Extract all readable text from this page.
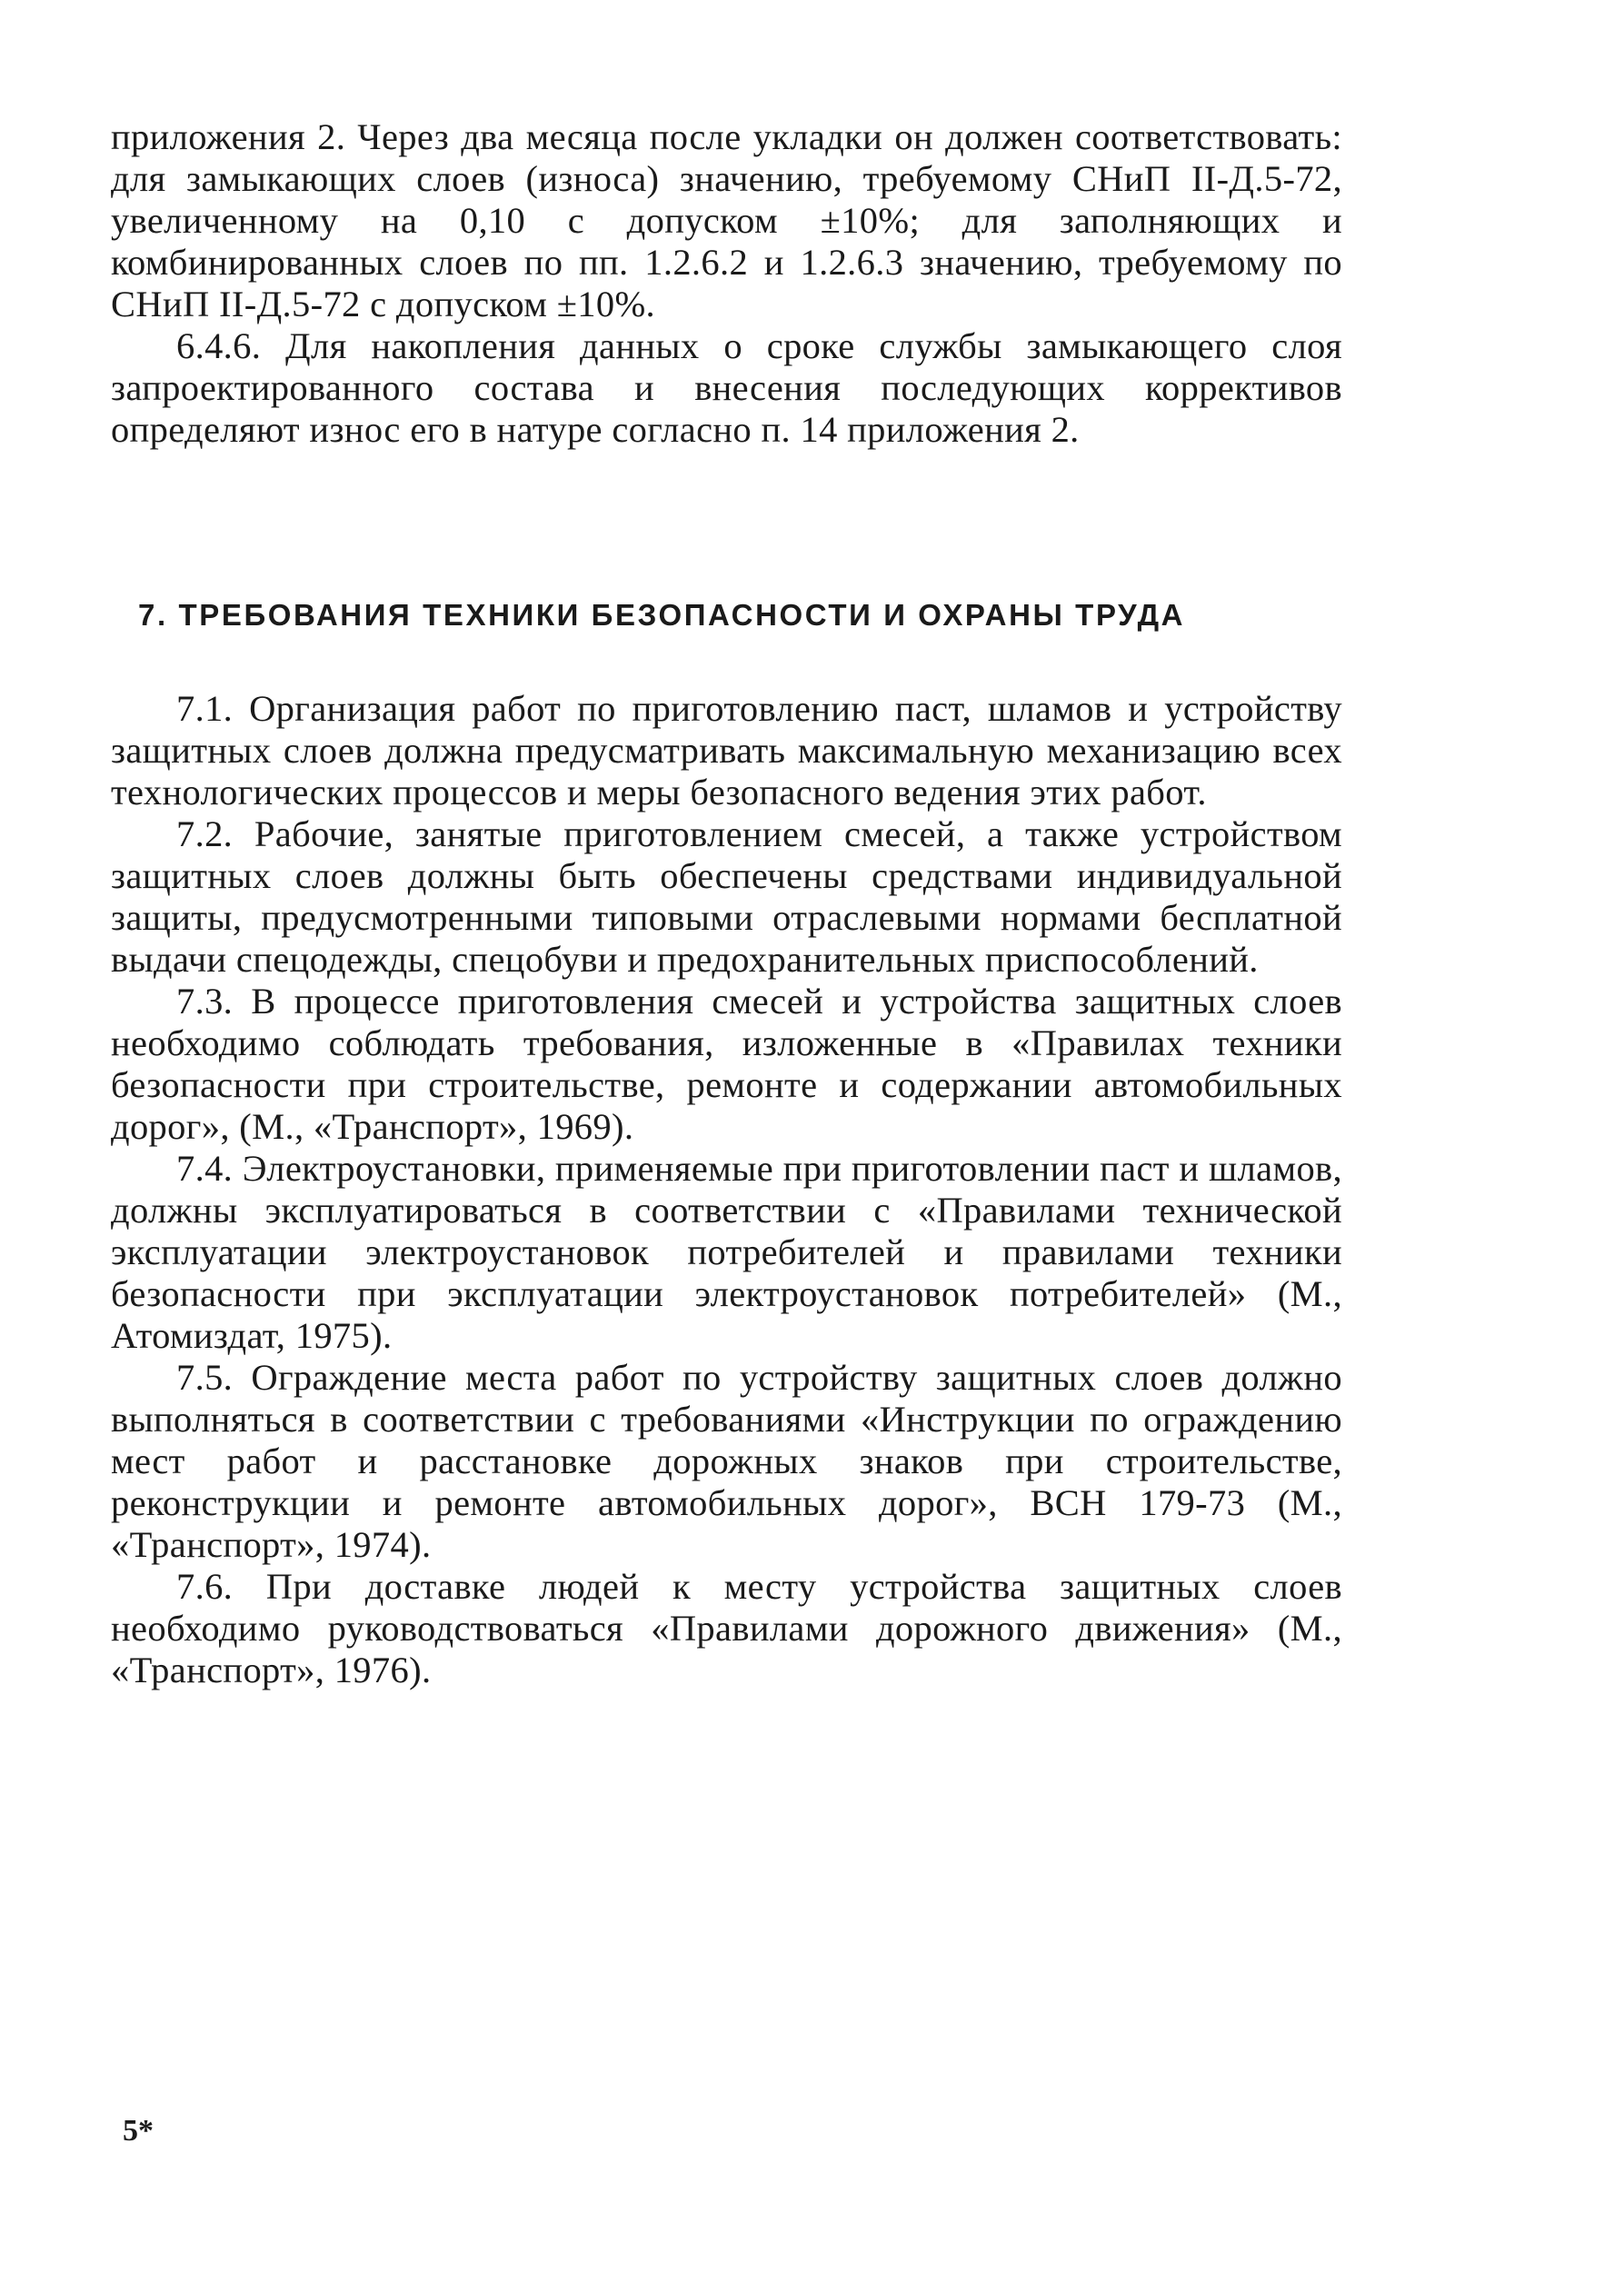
приложения 2. Через два месяца после укладки он должен соответствовать: для замыкающих слоев (износа) значению, требуемому СНиП II-Д.5-72, увеличенному на 0,10 с допуском ±10%; для заполняющих и комбинированных слоев по пп. 1.2.6.2 и 1.2.6.3 значению, требуемому по СНиП II-Д.5-72 с допуском ±10%.

6.4.6. Для накопления данных о сроке службы замыкающего слоя запроектированного состава и внесения последующих коррективов определяют износ его в натуре согласно п. 14 приложения 2.

7. ТРЕБОВАНИЯ ТЕХНИКИ БЕЗОПАСНОСТИ И ОХРАНЫ ТРУДА

7.1. Организация работ по приготовлению паст, шламов и устройству защитных слоев должна предусматривать максимальную механизацию всех технологических процессов и меры безопасного ведения этих работ.

7.2. Рабочие, занятые приготовлением смесей, а также устройством защитных слоев должны быть обеспечены средствами индивидуальной защиты, предусмотренными типовыми отраслевыми нормами бесплатной выдачи спецодежды, спецобуви и предохранительных приспособлений.

7.3. В процессе приготовления смесей и устройства защитных слоев необходимо соблюдать требования, изложенные в «Правилах техники безопасности при строительстве, ремонте и содержании автомобильных дорог», (М., «Транспорт», 1969).

7.4. Электроустановки, применяемые при приготовлении паст и шламов, должны эксплуатироваться в соответствии с «Правилами технической эксплуатации электроустановок потребителей и правилами техники безопасности при эксплуатации электроустановок потребителей» (М., Атомиздат, 1975).

7.5. Ограждение места работ по устройству защитных слоев должно выполняться в соответствии с требованиями «Инструкции по ограждению мест работ и расстановке дорожных знаков при строительстве, реконструкции и ремонте автомобильных дорог», ВСН 179-73 (М., «Транспорт», 1974).

7.6. При доставке людей к месту устройства защитных слоев необходимо руководствоваться «Правилами дорожного движения» (М., «Транспорт», 1976).

5*
